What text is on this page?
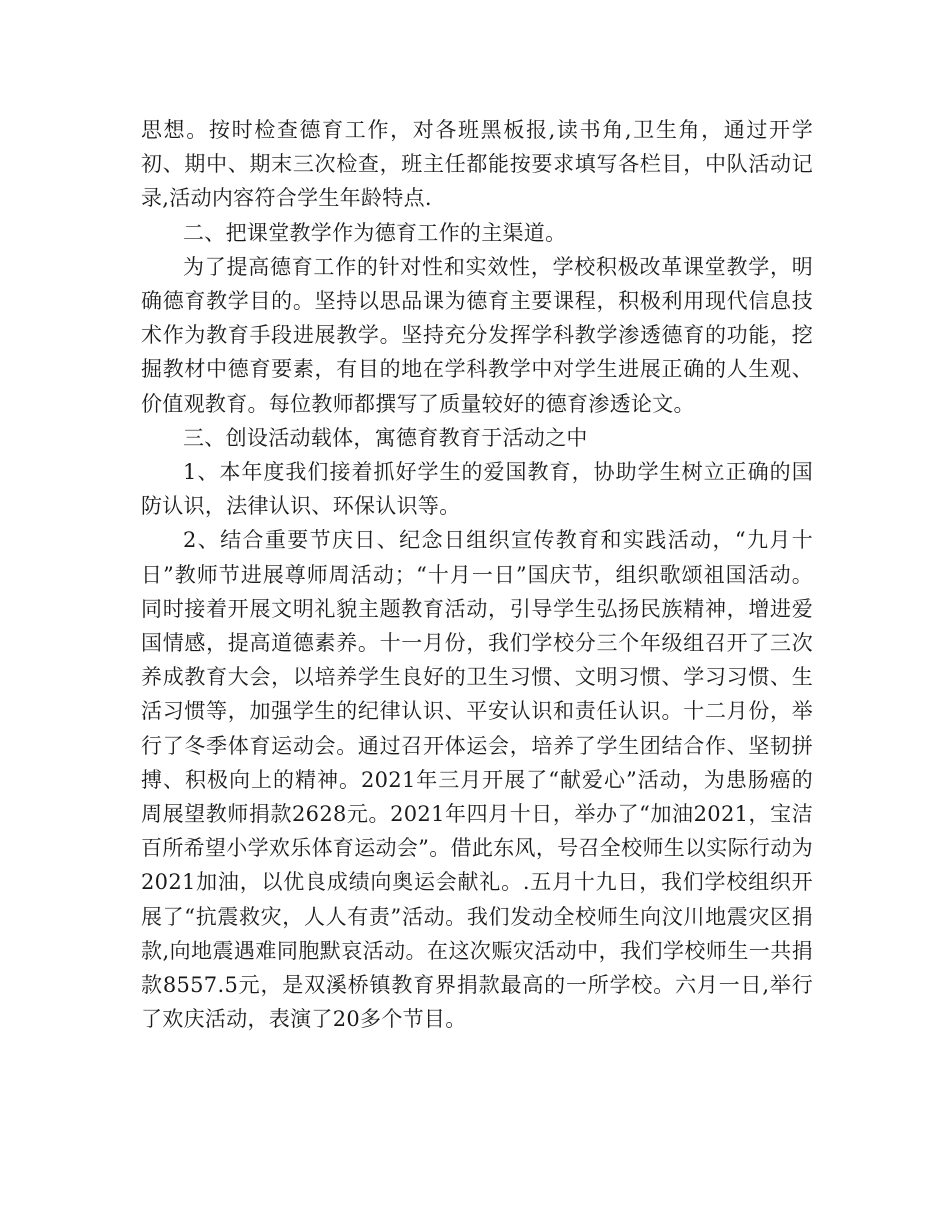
思想。按时检查德育工作，对各班黑板报,读书角,卫生角，通过开学初、期中、期末三次检查，班主任都能按要求填写各栏目，中队活动记录,活动内容符合学生年龄特点.

二、把课堂教学作为德育工作的主渠道。

为了提高德育工作的针对性和实效性，学校积极改革课堂教学，明确德育教学目的。坚持以思品课为德育主要课程，积极利用现代信息技术作为教育手段进展教学。坚持充分发挥学科教学渗透德育的功能，挖掘教材中德育要素，有目的地在学科教学中对学生进展正确的人生观、价值观教育。每位教师都撰写了质量较好的德育渗透论文。

三、创设活动载体，寓德育教育于活动之中

1、本年度我们接着抓好学生的爱国教育，协助学生树立正确的国防认识，法律认识、环保认识等。

2、结合重要节庆日、纪念日组织宣传教育和实践活动，“九月十日”教师节进展尊师周活动；“十月一日”国庆节，组织歌颂祖国活动。同时接着开展文明礼貌主题教育活动，引导学生弘扬民族精神，增进爱国情感，提高道德素养。十一月份，我们学校分三个年级组召开了三次养成教育大会，以培养学生良好的卫生习惯、文明习惯、学习习惯、生活习惯等，加强学生的纪律认识、平安认识和责任认识。十二月份，举行了冬季体育运动会。通过召开体运会，培养了学生团结合作、坚韧拼搏、积极向上的精神。2021年三月开展了“献爱心”活动，为患肠癌的周展望教师捐款2628元。2021年四月十日，举办了“加油2021，宝洁百所希望小学欢乐体育运动会”。借此东风，号召全校师生以实际行动为2021加油，以优良成绩向奥运会献礼。.五月十九日，我们学校组织开展了“抗震救灾，人人有责”活动。我们发动全校师生向汶川地震灾区捐款,向地震遇难同胞默哀活动。在这次赈灾活动中，我们学校师生一共捐款8557.5元，是双溪桥镇教育界捐款最高的一所学校。六月一日,举行了欢庆活动，表演了20多个节目。
